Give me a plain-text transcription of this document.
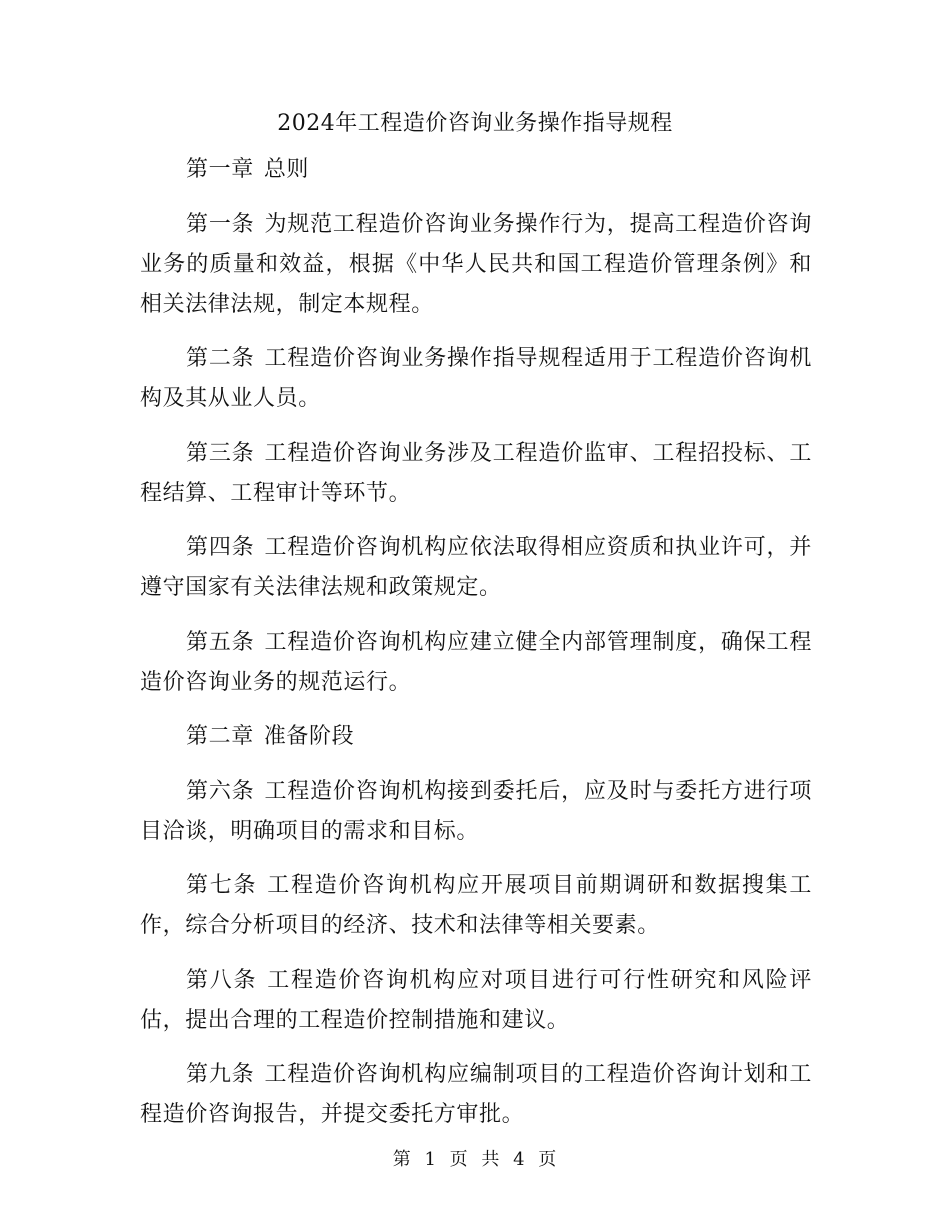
2024年工程造价咨询业务操作指导规程

第一章 总则

第一条 为规范工程造价咨询业务操作行为，提高工程造价咨询业务的质量和效益，根据《中华人民共和国工程造价管理条例》和相关法律法规，制定本规程。

第二条 工程造价咨询业务操作指导规程适用于工程造价咨询机构及其从业人员。

第三条 工程造价咨询业务涉及工程造价监审、工程招投标、工程结算、工程审计等环节。

第四条 工程造价咨询机构应依法取得相应资质和执业许可，并遵守国家有关法律法规和政策规定。

第五条 工程造价咨询机构应建立健全内部管理制度，确保工程造价咨询业务的规范运行。

第二章 准备阶段

第六条 工程造价咨询机构接到委托后，应及时与委托方进行项目洽谈，明确项目的需求和目标。

第七条 工程造价咨询机构应开展项目前期调研和数据搜集工作，综合分析项目的经济、技术和法律等相关要素。

第八条 工程造价咨询机构应对项目进行可行性研究和风险评估，提出合理的工程造价控制措施和建议。

第九条 工程造价咨询机构应编制项目的工程造价咨询计划和工程造价咨询报告，并提交委托方审批。

第 1 页 共 4 页
